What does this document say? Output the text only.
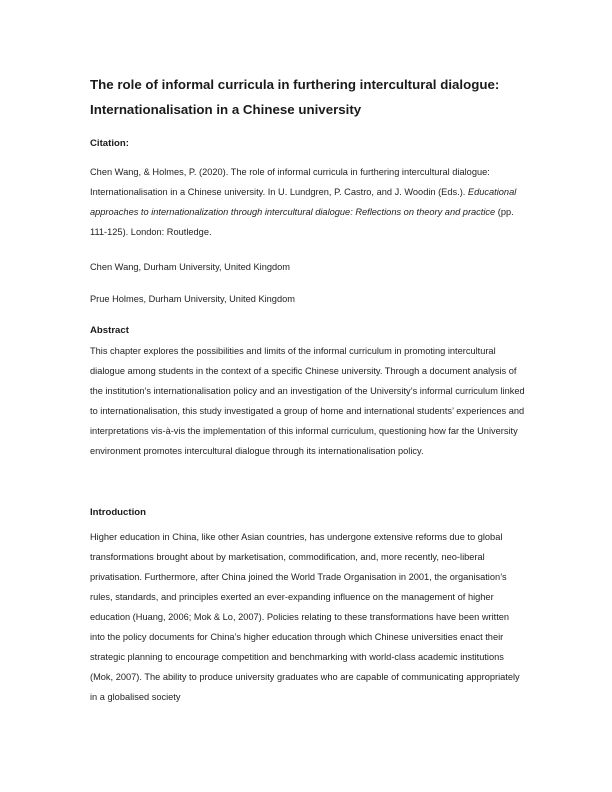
The role of informal curricula in furthering intercultural dialogue:
Internationalisation in a Chinese university
Citation:

Chen Wang, & Holmes, P. (2020). The role of informal curricula in furthering intercultural dialogue: Internationalisation in a Chinese university. In U. Lundgren, P. Castro, and J. Woodin (Eds.). Educational approaches to internationalization through intercultural dialogue: Reflections on theory and practice (pp. 111-125). London: Routledge.

Chen Wang, Durham University, United Kingdom

Prue Holmes, Durham University, United Kingdom

Abstract

This chapter explores the possibilities and limits of the informal curriculum in promoting intercultural dialogue among students in the context of a specific Chinese university. Through a document analysis of the institution’s internationalisation policy and an investigation of the University’s informal curriculum linked to internationalisation, this study investigated a group of home and international students’ experiences and interpretations vis-à-vis the implementation of this informal curriculum, questioning how far the University environment promotes intercultural dialogue through its internationalisation policy.

Introduction

Higher education in China, like other Asian countries, has undergone extensive reforms due to global transformations brought about by marketisation, commodification, and, more recently, neo-liberal privatisation. Furthermore, after China joined the World Trade Organisation in 2001, the organisation’s rules, standards, and principles exerted an ever-expanding influence on the management of higher education (Huang, 2006; Mok & Lo, 2007). Policies relating to these transformations have been written into the policy documents for China’s higher education through which Chinese universities enact their strategic planning to encourage competition and benchmarking with world-class academic institutions (Mok, 2007). The ability to produce university graduates who are capable of communicating appropriately in a globalised society
